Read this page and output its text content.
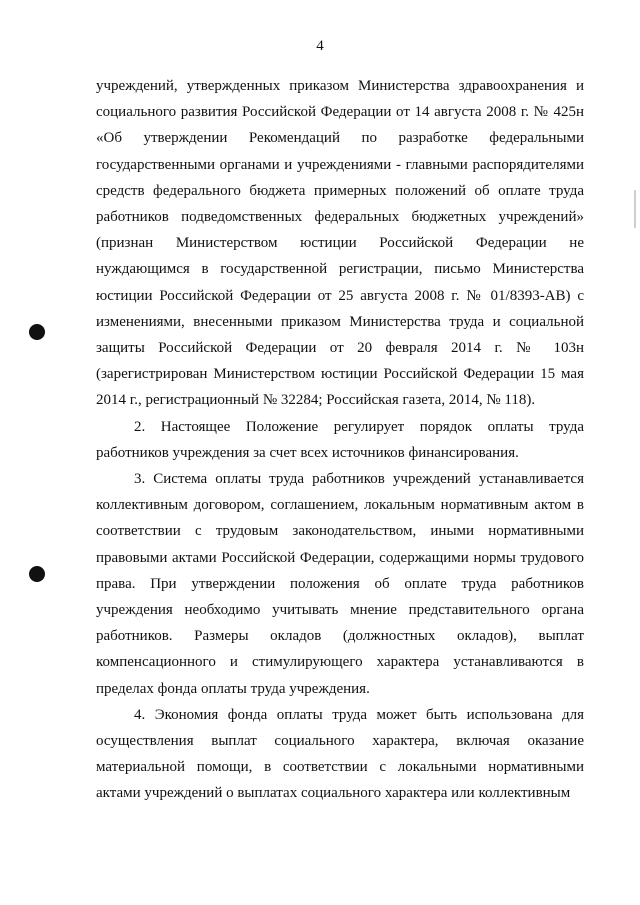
4

учреждений, утвержденных приказом Министерства здравоохранения и социального развития Российской Федерации от 14 августа 2008 г. № 425н «Об утверждении Рекомендаций по разработке федеральными государственными органами и учреждениями - главными распорядителями средств федерального бюджета примерных положений об оплате труда работников подведомственных федеральных бюджетных учреждений» (признан Министерством юстиции Российской Федерации не нуждающимся в государственной регистрации, письмо Министерства юстиции Российской Федерации от 25 августа 2008 г. № 01/8393-АВ) с изменениями, внесенными приказом Министерства труда и социальной защиты Российской Федерации от 20 февраля 2014 г. № 103н (зарегистрирован Министерством юстиции Российской Федерации 15 мая 2014 г., регистрационный № 32284; Российская газета, 2014, № 118).

2. Настоящее Положение регулирует порядок оплаты труда работников учреждения за счет всех источников финансирования.

3. Система оплаты труда работников учреждений устанавливается коллективным договором, соглашением, локальным нормативным актом в соответствии с трудовым законодательством, иными нормативными правовыми актами Российской Федерации, содержащими нормы трудового права. При утверждении положения об оплате труда работников учреждения необходимо учитывать мнение представительного органа работников. Размеры окладов (должностных окладов), выплат компенсационного и стимулирующего характера устанавливаются в пределах фонда оплаты труда учреждения.

4. Экономия фонда оплаты труда может быть использована для осуществления выплат социального характера, включая оказание материальной помощи, в соответствии с локальными нормативными актами учреждений о выплатах социального характера или коллективным
